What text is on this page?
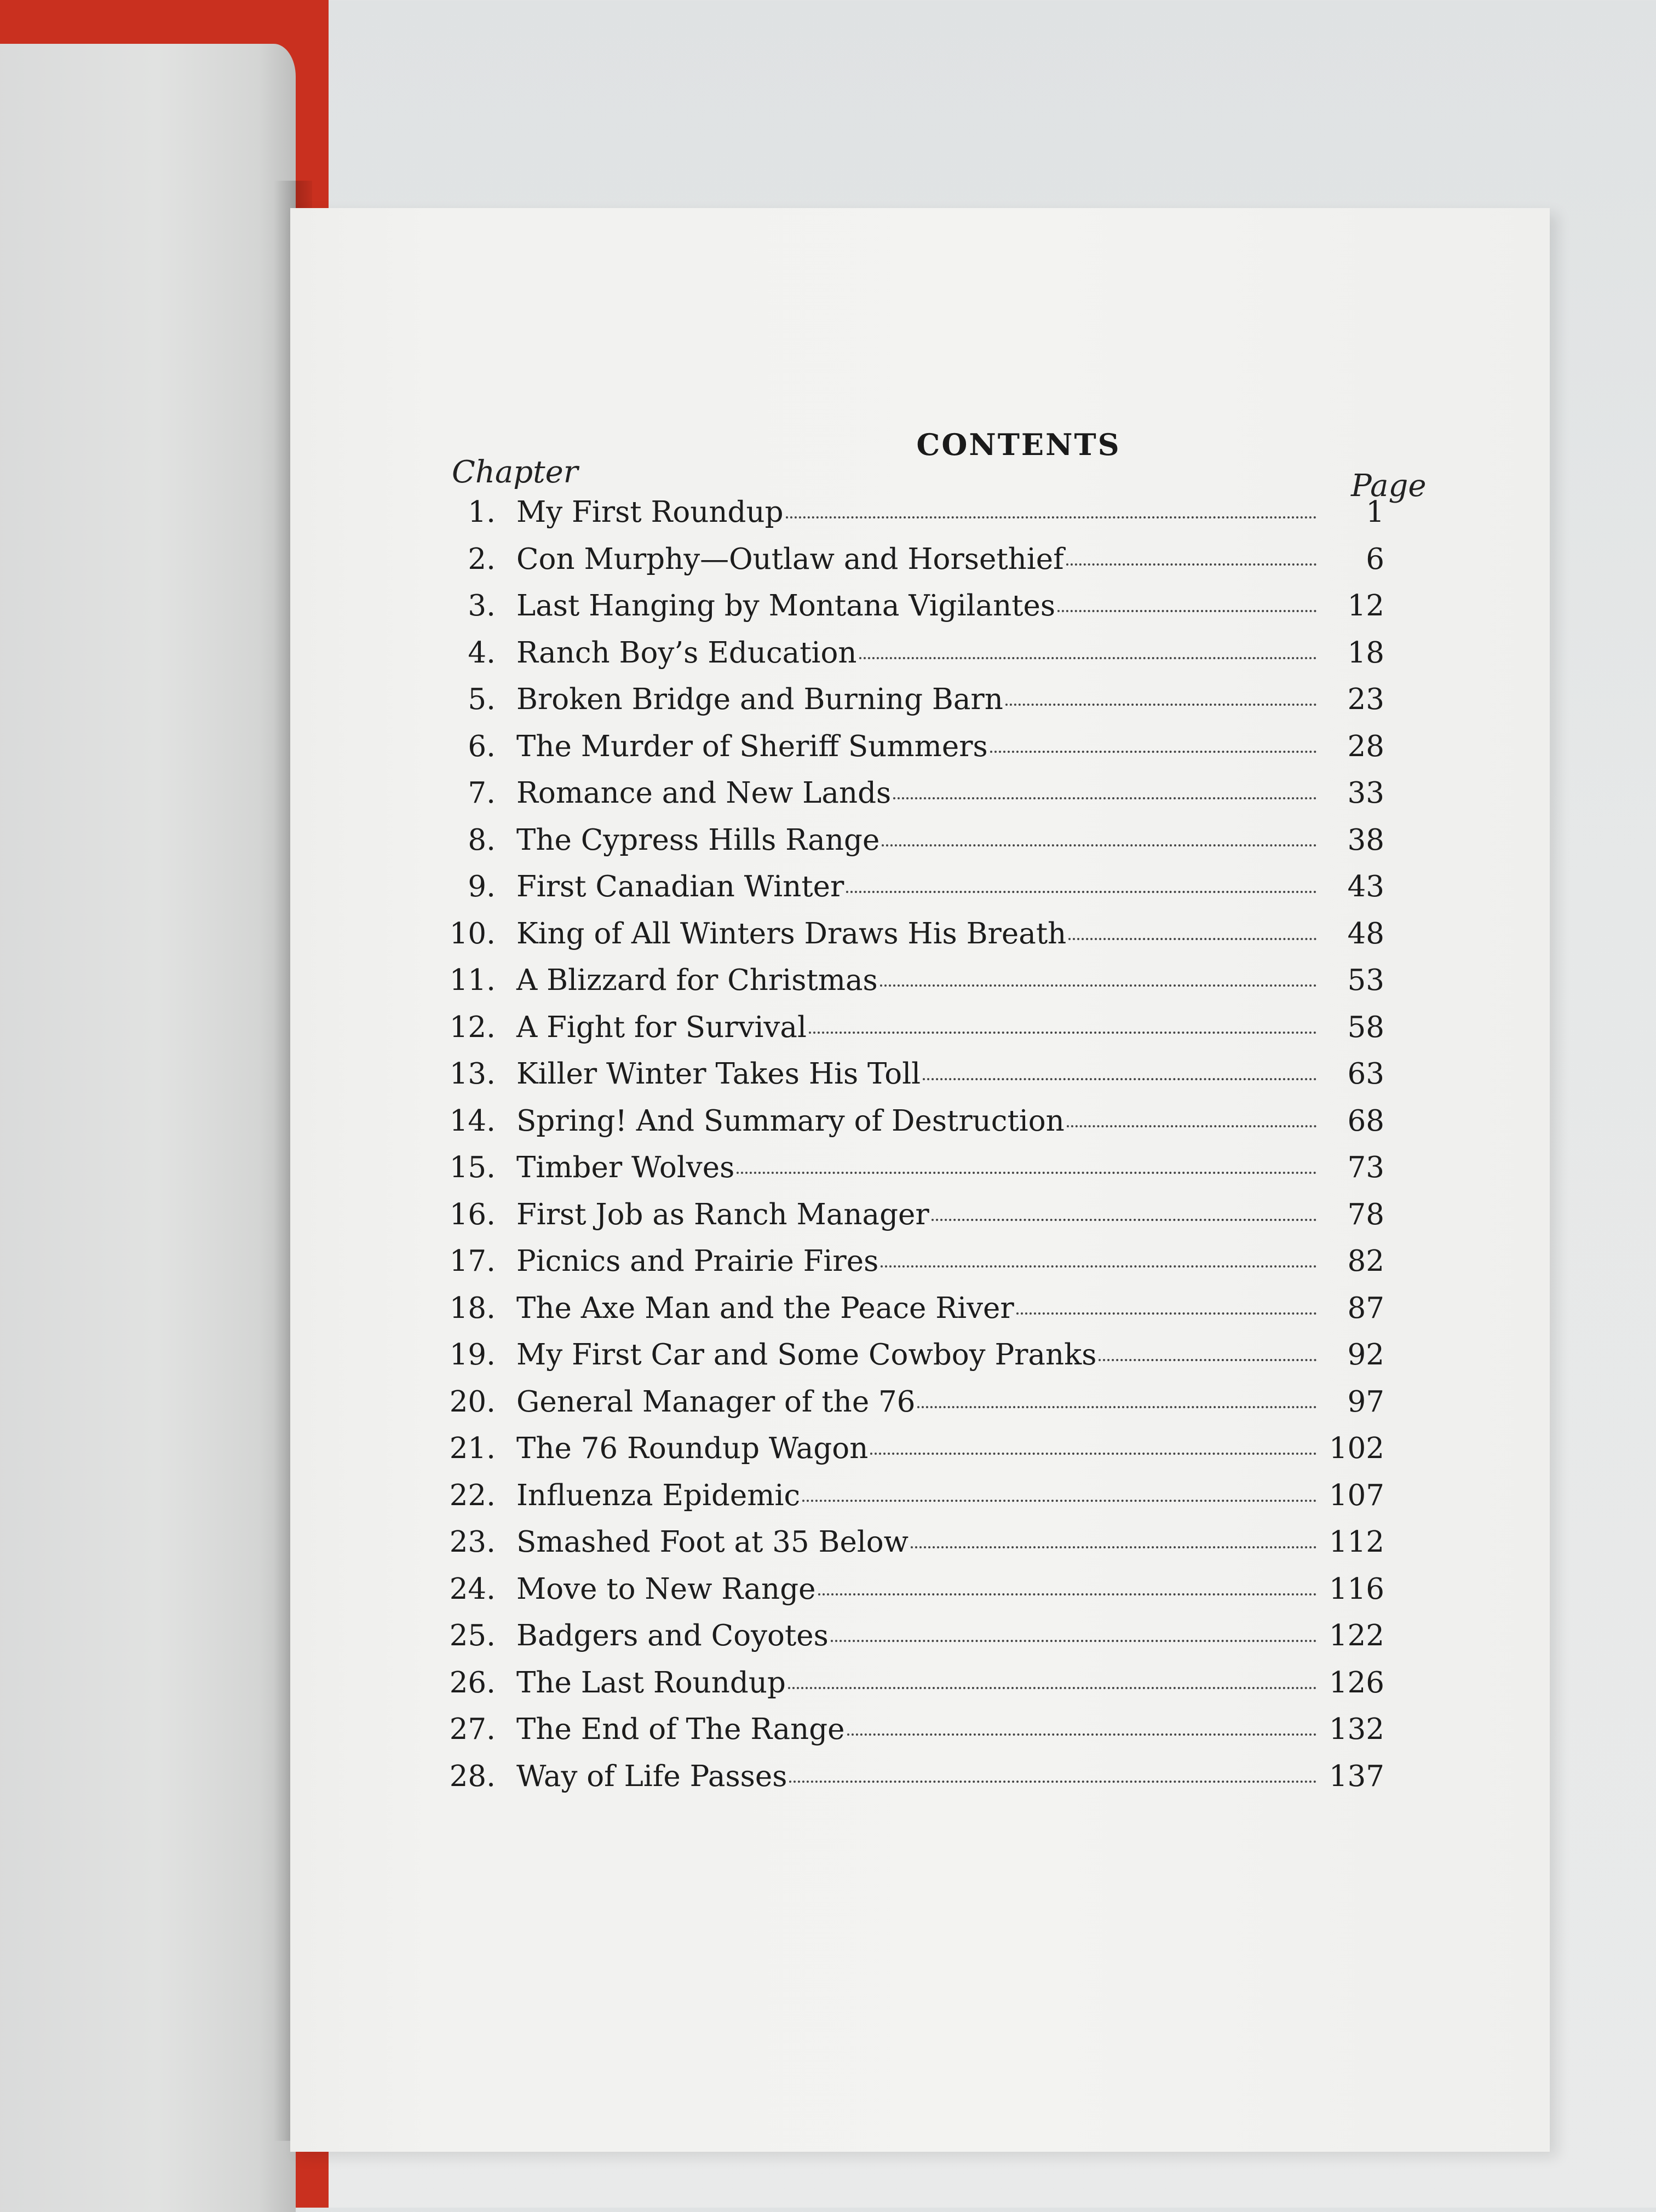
CONTENTS
Chapter	Page
1. My First Roundup	1
2. Con Murphy—Outlaw and Horsethief	6
3. Last Hanging by Montana Vigilantes	12
4. Ranch Boy’s Education	18
5. Broken Bridge and Burning Barn	23
6. The Murder of Sheriff Summers	28
7. Romance and New Lands	33
8. The Cypress Hills Range	38
9. First Canadian Winter	43
10. King of All Winters Draws His Breath	48
11. A Blizzard for Christmas	53
12. A Fight for Survival	58
13. Killer Winter Takes His Toll	63
14. Spring! And Summary of Destruction	68
15. Timber Wolves	73
16. First Job as Ranch Manager	78
17. Picnics and Prairie Fires	82
18. The Axe Man and the Peace River	87
19. My First Car and Some Cowboy Pranks	92
20. General Manager of the 76	97
21. The 76 Roundup Wagon	102
22. Influenza Epidemic	107
23. Smashed Foot at 35 Below	112
24. Move to New Range	116
25. Badgers and Coyotes	122
26. The Last Roundup	126
27. The End of The Range	132
28. Way of Life Passes	137
